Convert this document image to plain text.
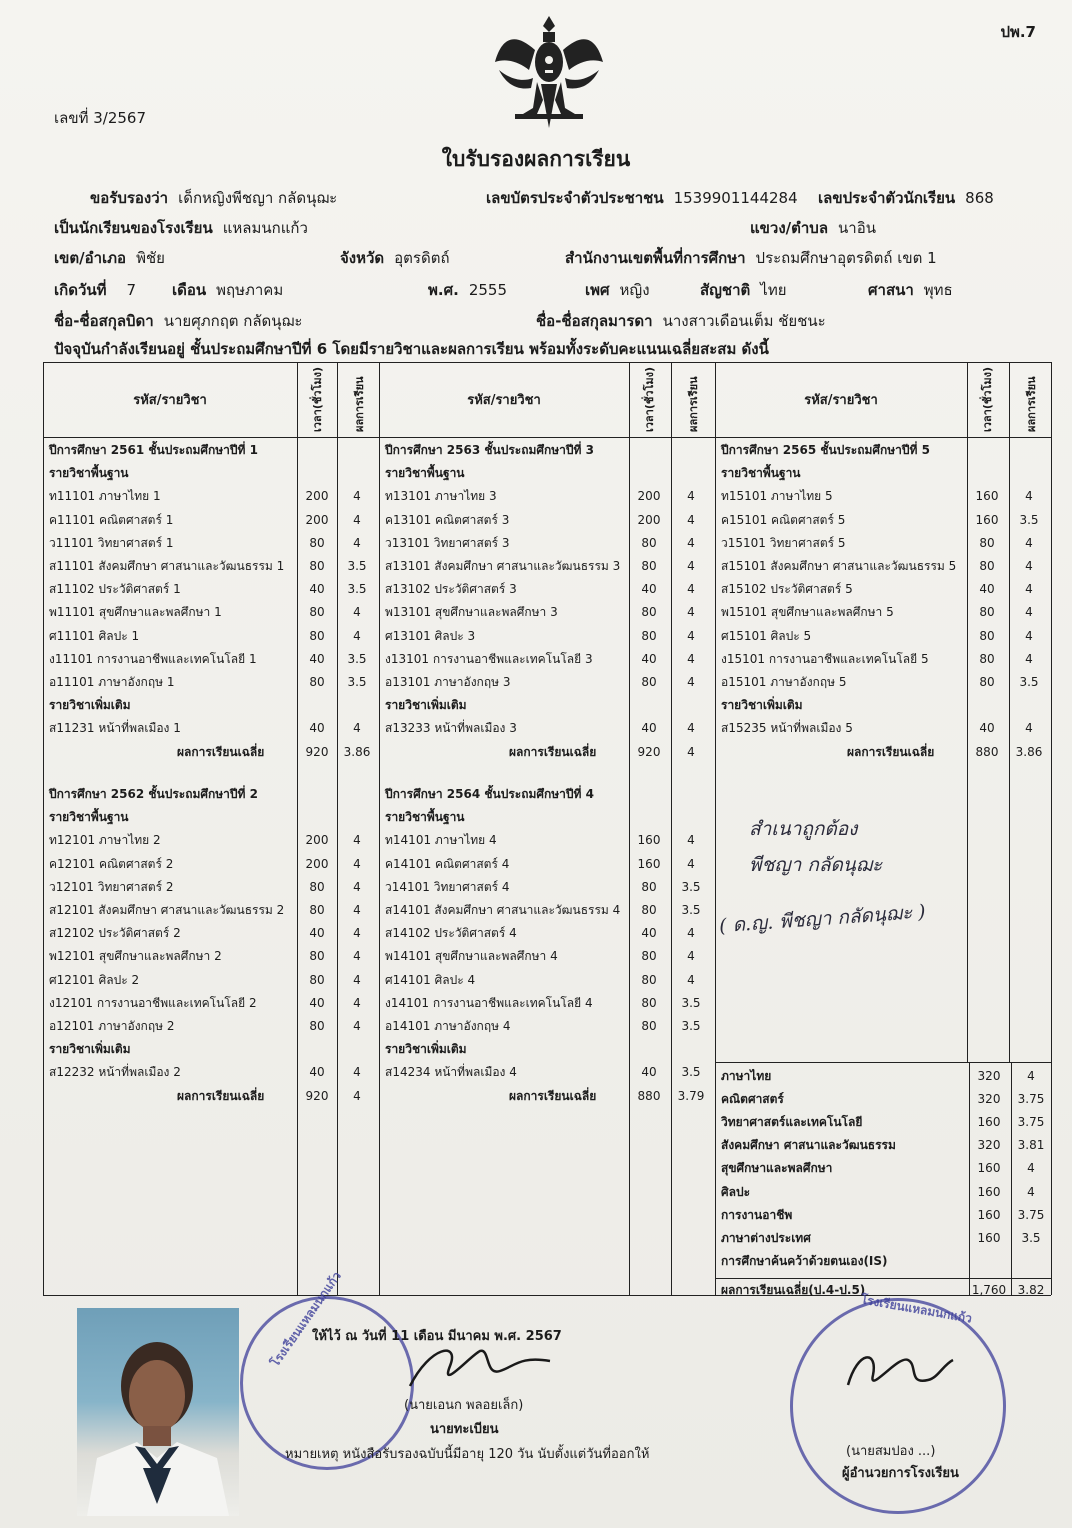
ปพ.7
เลขที่ 3/2567
ใบรับรองผลการเรียน
ขอรับรองว่า เด็กหญิงพีชญา กลัดนุฌะ	เลขบัตรประจำตัวประชาชน 1539901144284 เลขประจำตัวนักเรียน 868
เป็นนักเรียนของโรงเรียน แหลมนกแก้ว	แขวง/ตำบล นาอิน
เขต/อำเภอ พิชัย	จังหวัด อุตรดิตถ์	สำนักงานเขตพื้นที่การศึกษา ประถมศึกษาอุตรดิตถ์ เขต 1
เกิดวันที่ 7 เดือน พฤษภาคม	พ.ศ. 2555	เพศ หญิง	สัญชาติ ไทย	ศาสนา พุทธ
ชื่อ-ชื่อสกุลบิดา นายศุภกฤต กลัดนุฌะ	ชื่อ-ชื่อสกุลมารดา นางสาวเดือนเต็ม ชัยชนะ
ปัจจุบันกำลังเรียนอยู่ ชั้นประถมศึกษาปีที่ 6 โดยมีรายวิชาและผลการเรียน พร้อมทั้งระดับคะแนนเฉลี่ยสะสม ดังนี้
รหัส/รายวิชา	เวลา(ชั่วโมง)	ผลการเรียน	รหัส/รายวิชา	เวลา(ชั่วโมง)	ผลการเรียน	รหัส/รายวิชา	เวลา(ชั่วโมง)	ผลการเรียน
ปีการศึกษา 2561 ชั้นประถมศึกษาปีที่ 1
รายวิชาพื้นฐาน
ท11101 ภาษาไทย 1	200	4
ค11101 คณิตศาสตร์ 1	200	4
ว11101 วิทยาศาสตร์ 1	80	4
ส11101 สังคมศึกษา ศาสนาและวัฒนธรรม 1	80	3.5
ส11102 ประวัติศาสตร์ 1	40	3.5
พ11101 สุขศึกษาและพลศึกษา 1	80	4
ศ11101 ศิลปะ 1	80	4
ง11101 การงานอาชีพและเทคโนโลยี 1	40	3.5
อ11101 ภาษาอังกฤษ 1	80	3.5
รายวิชาเพิ่มเติม
ส11231 หน้าที่พลเมือง 1	40	4
ผลการเรียนเฉลี่ย	920	3.86
ปีการศึกษา 2563 ชั้นประถมศึกษาปีที่ 3
รายวิชาพื้นฐาน
ท13101 ภาษาไทย 3	200	4
ค13101 คณิตศาสตร์ 3	200	4
ว13101 วิทยาศาสตร์ 3	80	4
ส13101 สังคมศึกษา ศาสนาและวัฒนธรรม 3	80	4
ส13102 ประวัติศาสตร์ 3	40	4
พ13101 สุขศึกษาและพลศึกษา 3	80	4
ศ13101 ศิลปะ 3	80	4
ง13101 การงานอาชีพและเทคโนโลยี 3	40	4
อ13101 ภาษาอังกฤษ 3	80	4
รายวิชาเพิ่มเติม
ส13233 หน้าที่พลเมือง 3	40	4
ผลการเรียนเฉลี่ย	920	4
ปีการศึกษา 2565 ชั้นประถมศึกษาปีที่ 5
รายวิชาพื้นฐาน
ท15101 ภาษาไทย 5	160	4
ค15101 คณิตศาสตร์ 5	160	3.5
ว15101 วิทยาศาสตร์ 5	80	4
ส15101 สังคมศึกษา ศาสนาและวัฒนธรรม 5	80	4
ส15102 ประวัติศาสตร์ 5	40	4
พ15101 สุขศึกษาและพลศึกษา 5	80	4
ศ15101 ศิลปะ 5	80	4
ง15101 การงานอาชีพและเทคโนโลยี 5	80	4
อ15101 ภาษาอังกฤษ 5	80	3.5
รายวิชาเพิ่มเติม
ส15235 หน้าที่พลเมือง 5	40	4
ผลการเรียนเฉลี่ย	880	3.86
ปีการศึกษา 2562 ชั้นประถมศึกษาปีที่ 2
รายวิชาพื้นฐาน
ท12101 ภาษาไทย 2	200	4
ค12101 คณิตศาสตร์ 2	200	4
ว12101 วิทยาศาสตร์ 2	80	4
ส12101 สังคมศึกษา ศาสนาและวัฒนธรรม 2	80	4
ส12102 ประวัติศาสตร์ 2	40	4
พ12101 สุขศึกษาและพลศึกษา 2	80	4
ศ12101 ศิลปะ 2	80	4
ง12101 การงานอาชีพและเทคโนโลยี 2	40	4
อ12101 ภาษาอังกฤษ 2	80	4
รายวิชาเพิ่มเติม
ส12232 หน้าที่พลเมือง 2	40	4
ผลการเรียนเฉลี่ย	920	4
ปีการศึกษา 2564 ชั้นประถมศึกษาปีที่ 4
รายวิชาพื้นฐาน
ท14101 ภาษาไทย 4	160	4
ค14101 คณิตศาสตร์ 4	160	4
ว14101 วิทยาศาสตร์ 4	80	3.5
ส14101 สังคมศึกษา ศาสนาและวัฒนธรรม 4	80	3.5
ส14102 ประวัติศาสตร์ 4	40	4
พ14101 สุขศึกษาและพลศึกษา 4	80	4
ศ14101 ศิลปะ 4	80	4
ง14101 การงานอาชีพและเทคโนโลยี 4	80	3.5
อ14101 ภาษาอังกฤษ 4	80	3.5
รายวิชาเพิ่มเติม
ส14234 หน้าที่พลเมือง 4	40	3.5
ผลการเรียนเฉลี่ย	880	3.79
สำเนาถูกต้อง
พีชญา กลัดนุฌะ
( ด.ญ. พีชญา กลัดนุฌะ )
ภาษาไทย	320	4
คณิตศาสตร์	320	3.75
วิทยาศาสตร์และเทคโนโลยี	160	3.75
สังคมศึกษา ศาสนาและวัฒนธรรม	320	3.81
สุขศึกษาและพลศึกษา	160	4
ศิลปะ	160	4
การงานอาชีพ	160	3.75
ภาษาต่างประเทศ	160	3.5
การศึกษาค้นคว้าด้วยตนเอง(IS)
ผลการเรียนเฉลี่ย(ป.4-ป.5)	1,760 3.82
โรงเรียนแหลมนกแก้ว	โรงเรียนแหลมนกแก้ว
ให้ไว้ ณ วันที่ 11 เดือน มีนาคม พ.ศ. 2567
(นายเอนก พลอยเล็ก)
นายทะเบียน
หมายเหตุ หนังสือรับรองฉบับนี้มีอายุ 120 วัน นับตั้งแต่วันที่ออกให้	(นายสมปอง ...)
ผู้อำนวยการโรงเรียน
